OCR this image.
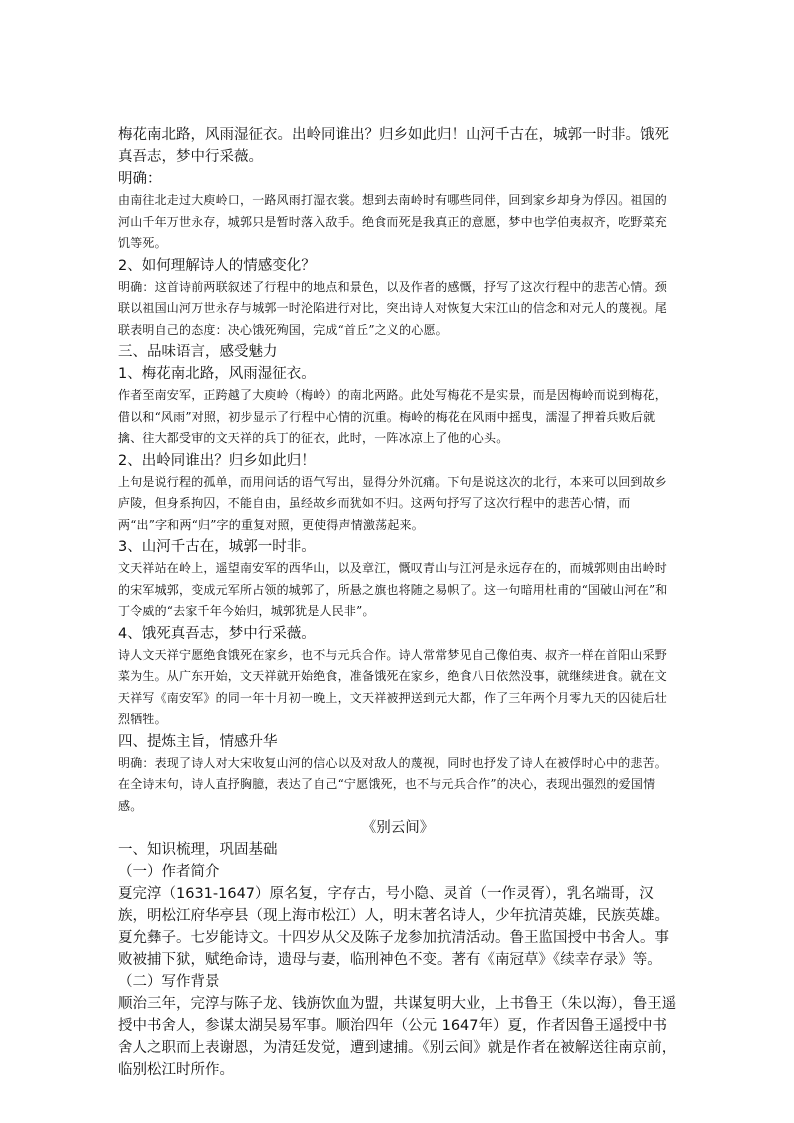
梅花南北路，风雨湿征衣。出岭同谁出？归乡如此归！山河千古在，城郭一时非。饿死真吾志，梦中行采薇。

明确：

由南往北走过大庾岭口，一路风雨打湿衣裳。想到去南岭时有哪些同伴，回到家乡却身为俘囚。祖国的河山千年万世永存，城郭只是暂时落入敌手。绝食而死是我真正的意愿，梦中也学伯夷叔齐，吃野菜充饥等死。

2、如何理解诗人的情感变化？

明确：这首诗前两联叙述了行程中的地点和景色，以及作者的感慨，抒写了这次行程中的悲苦心情。颈联以祖国山河万世永存与城郭一时沦陷进行对比，突出诗人对恢复大宋江山的信念和对元人的蔑视。尾联表明自己的态度：决心饿死殉国，完成“首丘”之义的心愿。

三、品味语言，感受魅力

1、梅花南北路，风雨湿征衣。

作者至南安军，正跨越了大庾岭（梅岭）的南北两路。此处写梅花不是实景，而是因梅岭而说到梅花，借以和“风雨”对照，初步显示了行程中心情的沉重。梅岭的梅花在风雨中摇曳，濡湿了押着兵败后就擒、往大都受审的文天祥的兵丁的征衣，此时，一阵冰凉上了他的心头。

2、出岭同谁出？归乡如此归！

上句是说行程的孤单，而用问话的语气写出，显得分外沉痛。下句是说这次的北行，本来可以回到故乡庐陵，但身系拘囚，不能自由，虽经故乡而犹如不归。这两句抒写了这次行程中的悲苦心情，而两“出”字和两“归”字的重复对照，更使得声情激荡起来。

3、山河千古在，城郭一时非。

文天祥站在岭上，遥望南安军的西华山，以及章江，慨叹青山与江河是永远存在的，而城郭则由出岭时的宋军城郭，变成元军所占领的城郭了，所悬之旗也将随之易帜了。这一句暗用杜甫的“国破山河在”和丁令威的“去家千年今始归，城郭犹是人民非”。

4、饿死真吾志，梦中行采薇。

诗人文天祥宁愿绝食饿死在家乡，也不与元兵合作。诗人常常梦见自己像伯夷、叔齐一样在首阳山采野菜为生。从广东开始，文天祥就开始绝食，准备饿死在家乡，绝食八日依然没事，就继续进食。就在文天祥写《南安军》的同一年十月初一晚上，文天祥被押送到元大都，作了三年两个月零九天的囚徒后壮烈牺牲。

四、提炼主旨，情感升华

明确：表现了诗人对大宋收复山河的信心以及对敌人的蔑视，同时也抒发了诗人在被俘时心中的悲苦。在全诗末句，诗人直抒胸臆，表达了自己“宁愿饿死，也不与元兵合作”的决心，表现出强烈的爱国情感。

《别云间》

一、知识梳理，巩固基础

（一）作者简介

夏完淳（1631-1647）原名复，字存古，号小隐、灵首（一作灵胥），乳名端哥，汉族，明松江府华亭县（现上海市松江）人，明末著名诗人，少年抗清英雄，民族英雄。夏允彝子。七岁能诗文。十四岁从父及陈子龙参加抗清活动。鲁王监国授中书舍人。事败被捕下狱，赋绝命诗，遗母与妻，临刑神色不变。著有《南冠草》《续幸存录》等。

（二）写作背景

顺治三年，完淳与陈子龙、钱旃饮血为盟，共谋复明大业，上书鲁王（朱以海），鲁王遥授中书舍人，参谋太湖吴易军事。顺治四年（公元 1647年）夏，作者因鲁王遥授中书舍人之职而上表谢恩，为清廷发觉，遭到逮捕。《别云间》就是作者在被解送往南京前，临别松江时所作。
